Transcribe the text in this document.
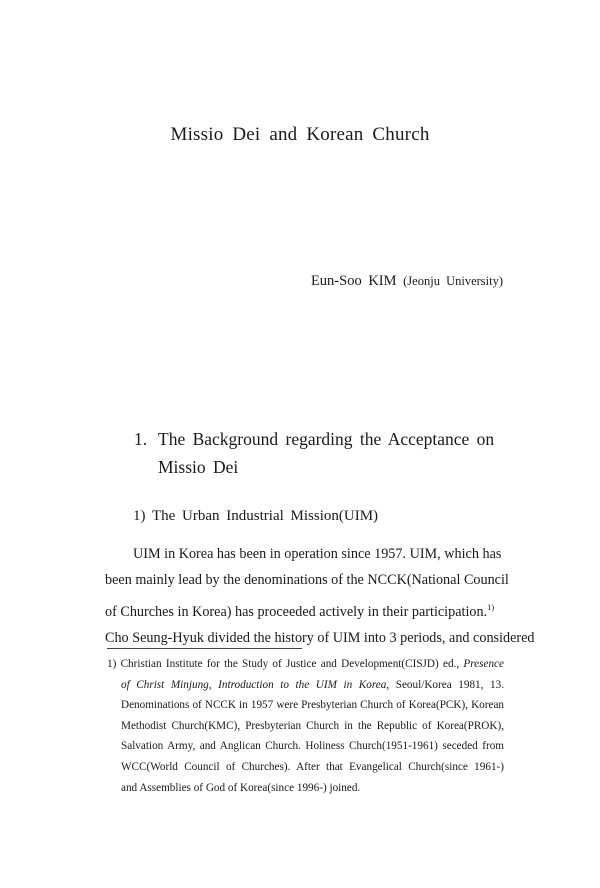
Missio Dei and Korean Church
Eun-Soo KIM (Jeonju University)
1. The Background regarding the Acceptance on
Missio Dei
1) The Urban Industrial Mission(UIM)
UIM in Korea has been in operation since 1957. UIM, which has
been mainly lead by the denominations of the NCCK(National Council
of Churches in Korea) has proceeded actively in their participation.$^{1)}$
Cho Seung-Hyuk divided the history of UIM into 3 periods, and considered
1) Christian Institute for the Study of Justice and Development(CISJD) ed., Presence
of Christ Minjung, Introduction to the UIM in Korea, Seoul/Korea 1981, 13.
Denominations of NCCK in 1957 were Presbyterian Church of Korea(PCK), Korean
Methodist Church(KMC), Presbyterian Church in the Republic of Korea(PROK),
Salvation Army, and Anglican Church. Holiness Church(1951-1961) seceded from
WCC(World Council of Churches). After that Evangelical Church(since 1961-)
and Assemblies of God of Korea(since 1996-) joined.
